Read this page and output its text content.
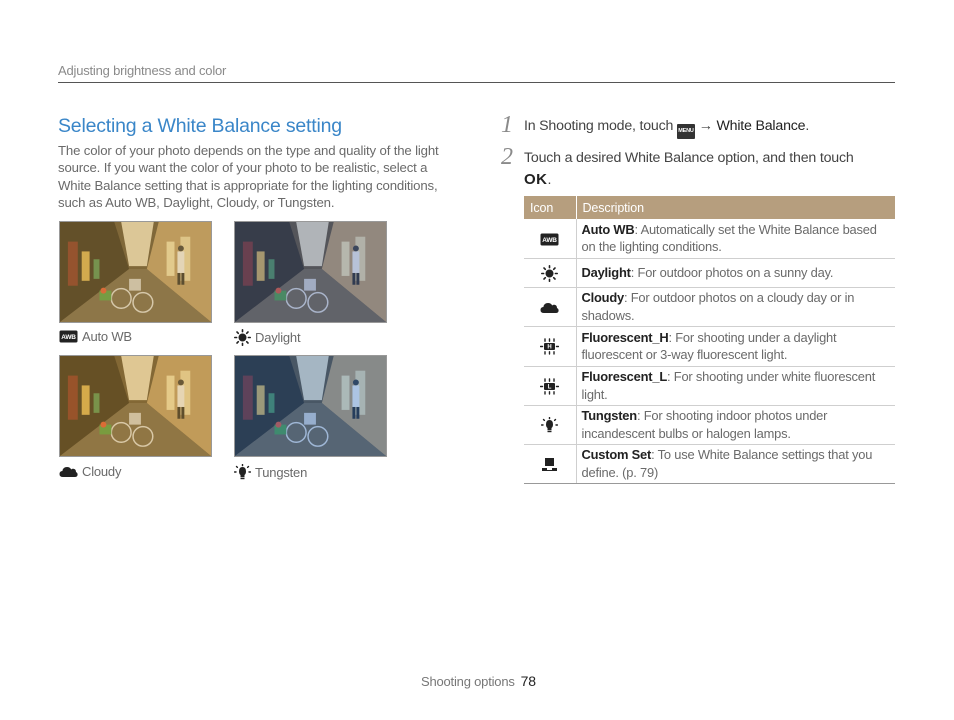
Adjusting brightness and color
Selecting a White Balance setting

The color of your photo depends on the type and quality of the light source. If you want the color of your photo to be realistic, select a White Balance setting that is appropriate for the lighting conditions, such as Auto WB, Daylight, Cloudy, or Tungsten.

AWB Auto WB	Daylight
Cloudy	Tungsten
1 In Shooting mode, touch MENU → White Balance.
2 Touch a desired White Balance option, and then touch OK.
Icon	Description

AWB	Auto WB: Automatically set the White Balance based on the lighting conditions.
	Daylight: For outdoor photos on a sunny day.
	Cloudy: For outdoor photos on a cloudy day or in shadows.

H	Fluorescent_H: For shooting under a daylight fluorescent or 3-way fluorescent light.

L	Fluorescent_L: For shooting under white fluorescent light.
	Tungsten: For shooting indoor photos under incandescent bulbs or halogen lamps.
	Custom Set: To use White Balance settings that you define. (p. 79)
Shooting options 78
